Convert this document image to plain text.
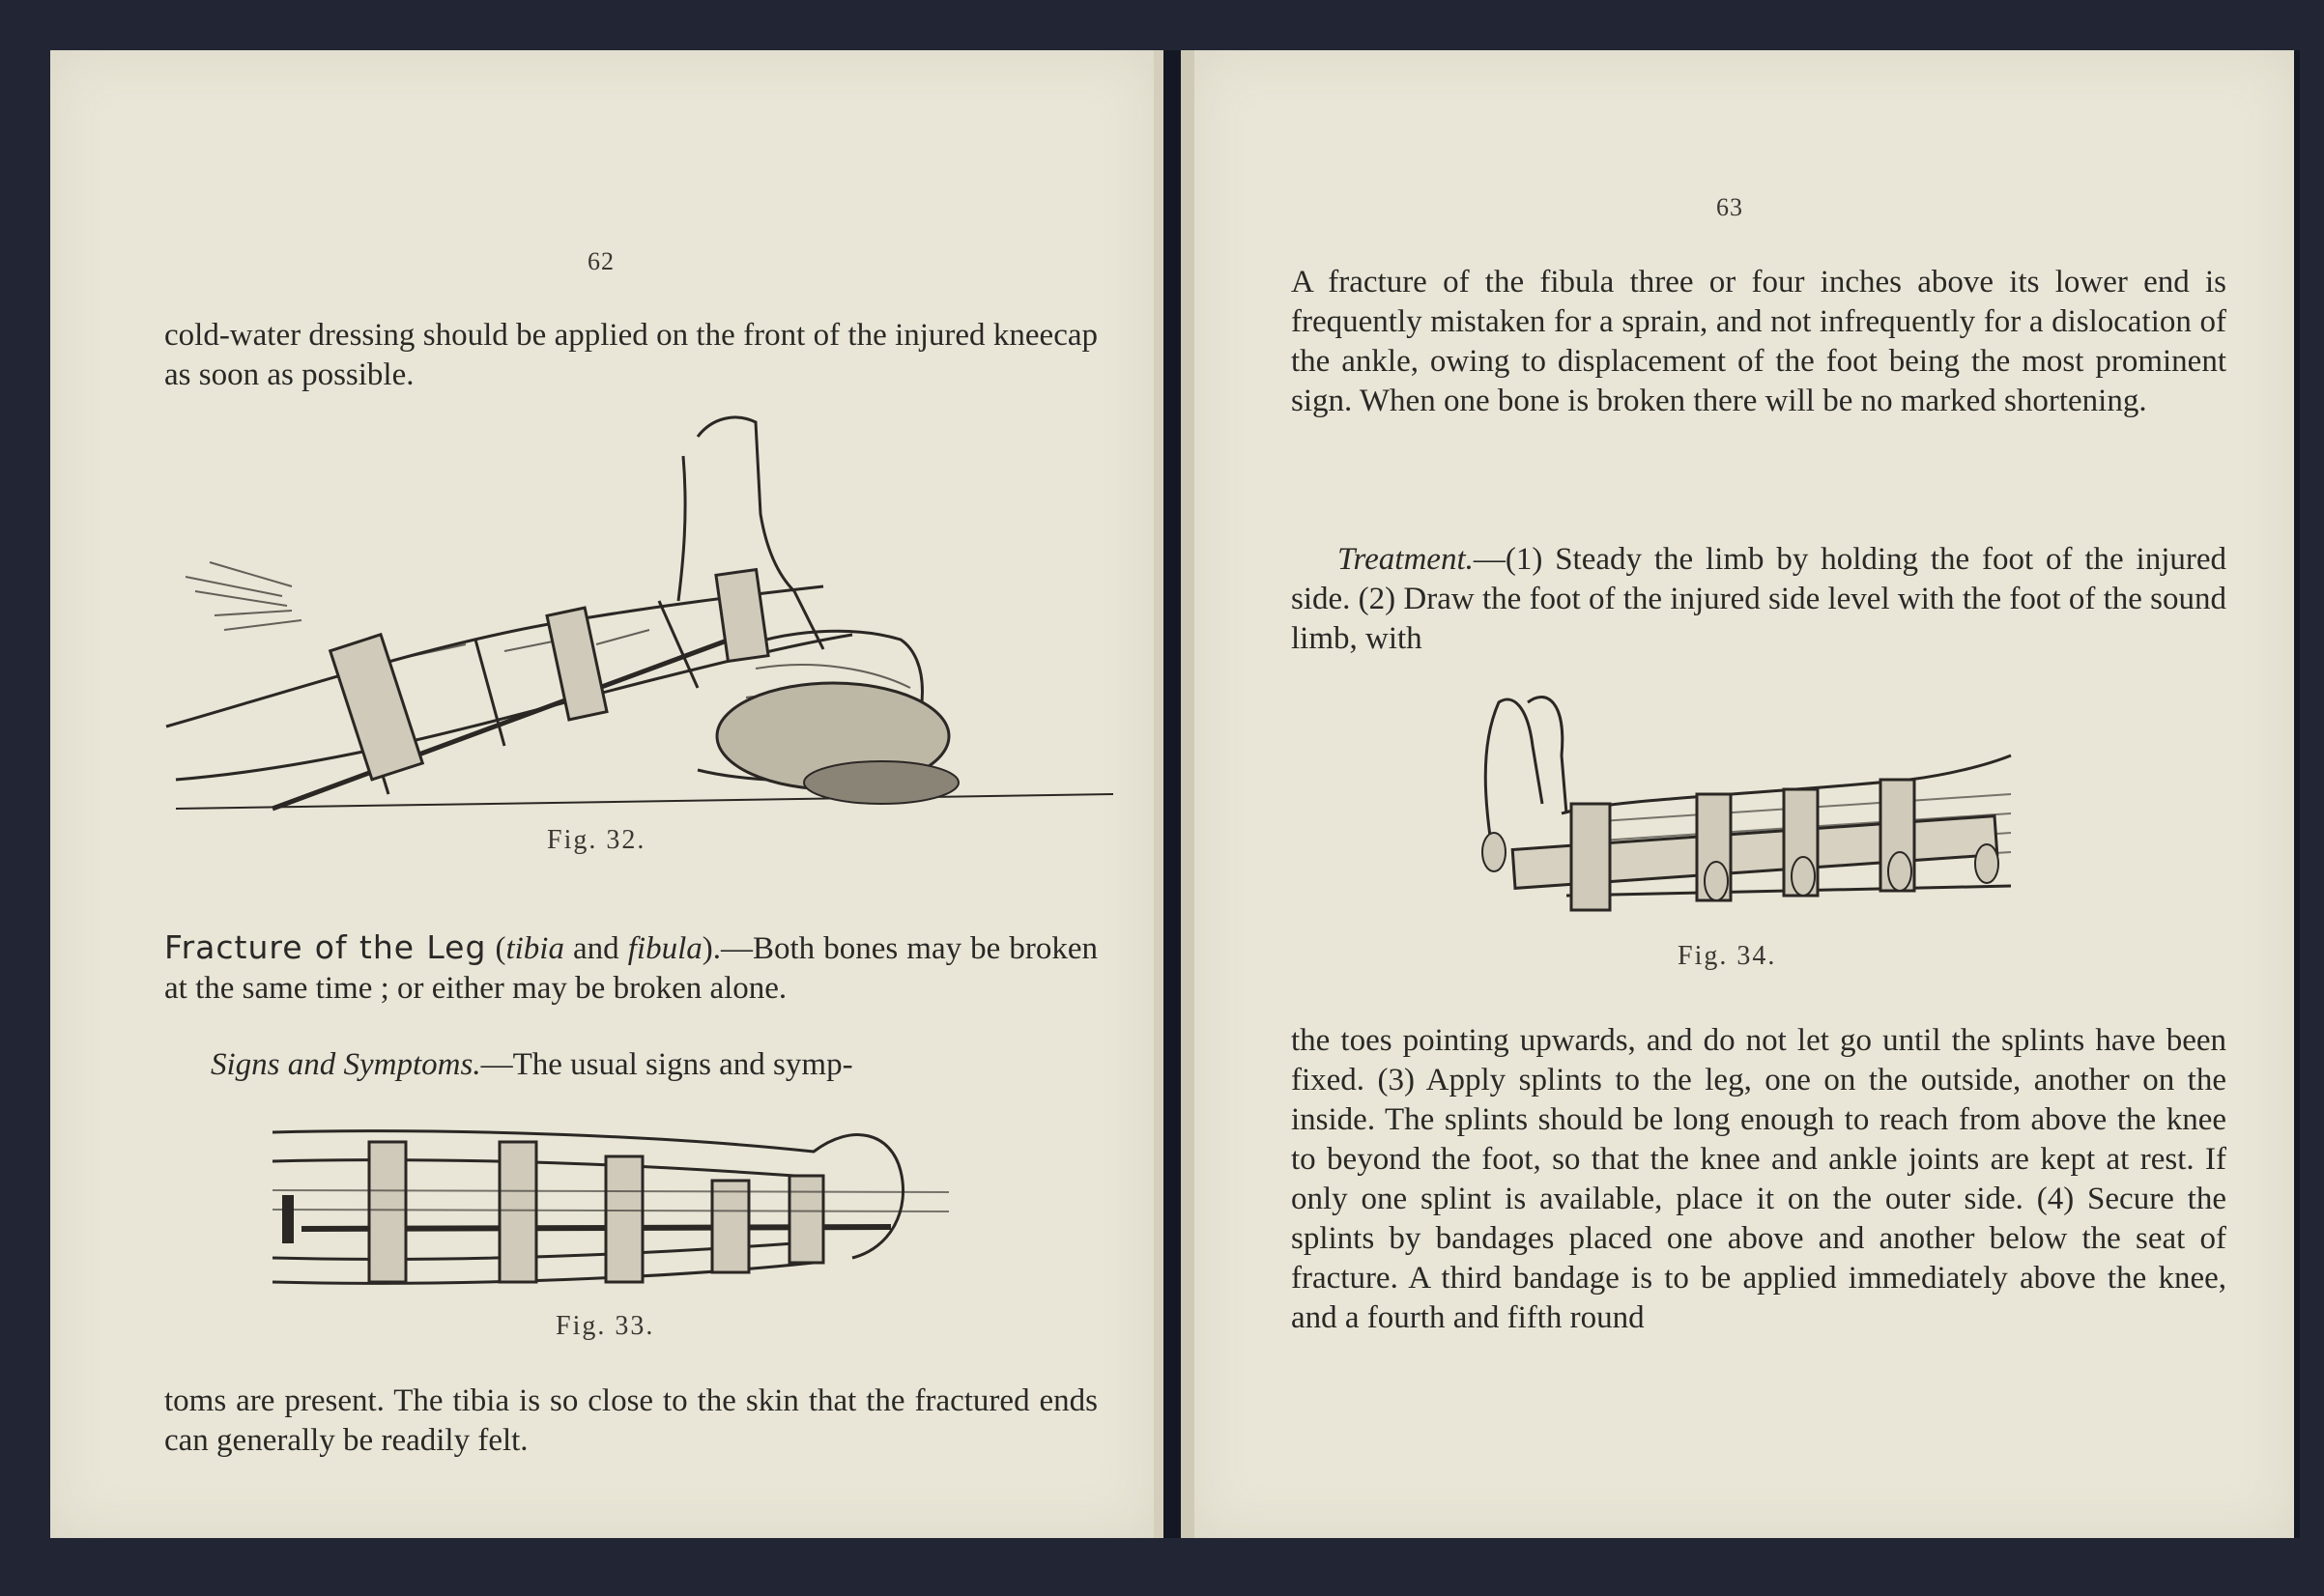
62

cold-water dressing should be applied on the front of the injured kneecap as soon as possible.

Fig. 32.

Fracture of the Leg (tibia and fibula).—Both bones may be broken at the same time ; or either may be broken alone.

Signs and Symptoms.—The usual signs and symp-

Fig. 33.

toms are present. The tibia is so close to the skin that the fractured ends can generally be readily felt.

63

A fracture of the fibula three or four inches above its lower end is frequently mistaken for a sprain, and not infrequently for a dislocation of the ankle, owing to displacement of the foot being the most prominent sign. When one bone is broken there will be no marked shortening.

Treatment.—(1) Steady the limb by holding the foot of the injured side. (2) Draw the foot of the injured side level with the foot of the sound limb, with

Fig. 34.

the toes pointing upwards, and do not let go until the splints have been fixed. (3) Apply splints to the leg, one on the outside, another on the inside. The splints should be long enough to reach from above the knee to beyond the foot, so that the knee and ankle joints are kept at rest. If only one splint is available, place it on the outer side. (4) Secure the splints by bandages placed one above and another below the seat of fracture. A third bandage is to be applied immediately above the knee, and a fourth and fifth round
